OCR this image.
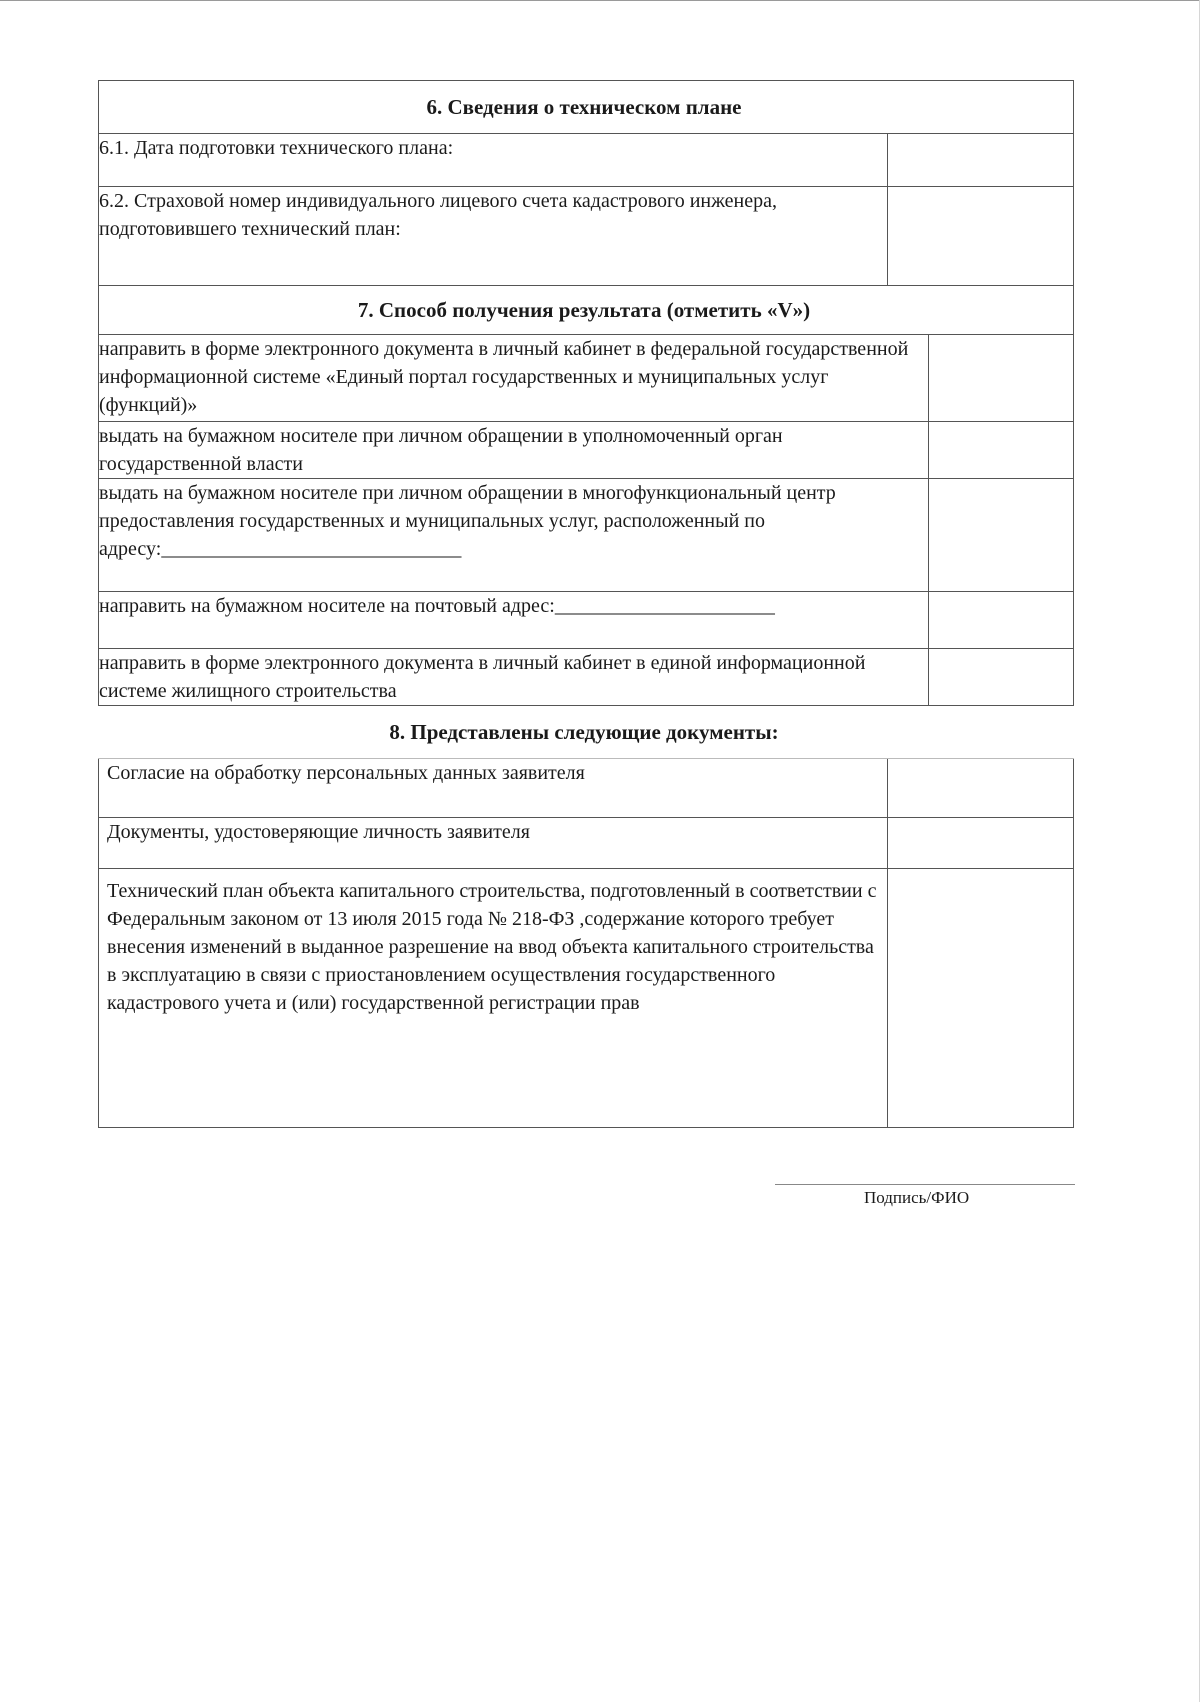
6. Сведения о техническом плане		
6.1. Дата подготовки технического плана:		
6.2. Страховой номер индивидуального лицевого счета кадастрового инженера, подготовившего технический план:		
7. Способ получения результата (отметить «V»)		
направить в форме электронного документа в личный кабинет в федеральной государственной информационной системе «Единый портал государственных и муниципальных услуг (функций)»		
выдать на бумажном носителе при личном обращении в уполномоченный орган государственной власти		
выдать на бумажном носителе при личном обращении в многофункциональный центр предоставления государственных и муниципальных услуг, расположенный по адресу:______________________________		
направить на бумажном носителе на почтовый адрес:______________________		
направить в форме электронного документа в личный кабинет в единой информационной системе жилищного строительства		
8. Представлены следующие документы:		
Согласие на обработку персональных данных заявителя		
Документы, удостоверяющие личность заявителя		
Технический план объекта капитального строительства, подготовленный в соответствии с Федеральным законом от 13 июля 2015 года № 218-ФЗ ,содержание которого требует внесения изменений в выданное разрешение на ввод объекта капитального строительства в эксплуатацию в связи с приостановлением осуществления государственного кадастрового учета и (или) государственной регистрации прав		
Подпись/ФИО
